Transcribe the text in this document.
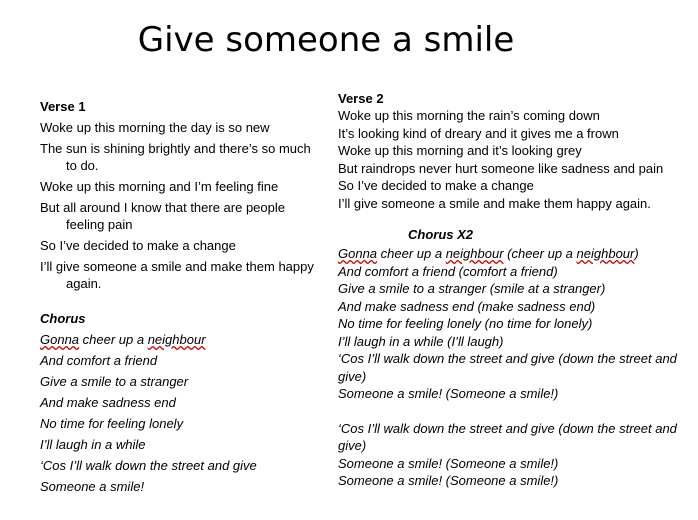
Give someone a smile
Verse 1
Woke up this morning the day is so new
The sun is shining brightly and there’s so much to do.
Woke up this morning and I’m feeling fine
But all around I know that there are people feeling pain
So I’ve decided to make a change
I’ll give someone a smile and make them happy again.
Chorus
Gonna cheer up a neighbour
And comfort a friend
Give a smile to a stranger
And make sadness end
No time for feeling lonely
I’ll laugh in a while
‘Cos I’ll walk down the street and give
Someone a smile!
Verse 2
Woke up this morning the rain’s coming down
It’s looking kind of dreary and it gives me a frown
Woke up this morning and it’s looking grey
But raindrops never hurt someone like sadness and pain
So I’ve decided to make a change
I’ll give someone a smile and make them happy again.
Chorus X2
Gonna cheer up a neighbour (cheer up a neighbour)
And comfort a friend (comfort a friend)
Give a smile to a stranger (smile at a stranger)
And make sadness end (make sadness end)
No time for feeling lonely (no time for lonely)
I’ll laugh in a while (I’ll laugh)
‘Cos I’ll walk down the street and give (down the street and give)
Someone a smile! (Someone a smile!)
‘Cos I’ll walk down the street and give (down the street and give)
Someone a smile! (Someone a smile!)
Someone a smile! (Someone a smile!)
